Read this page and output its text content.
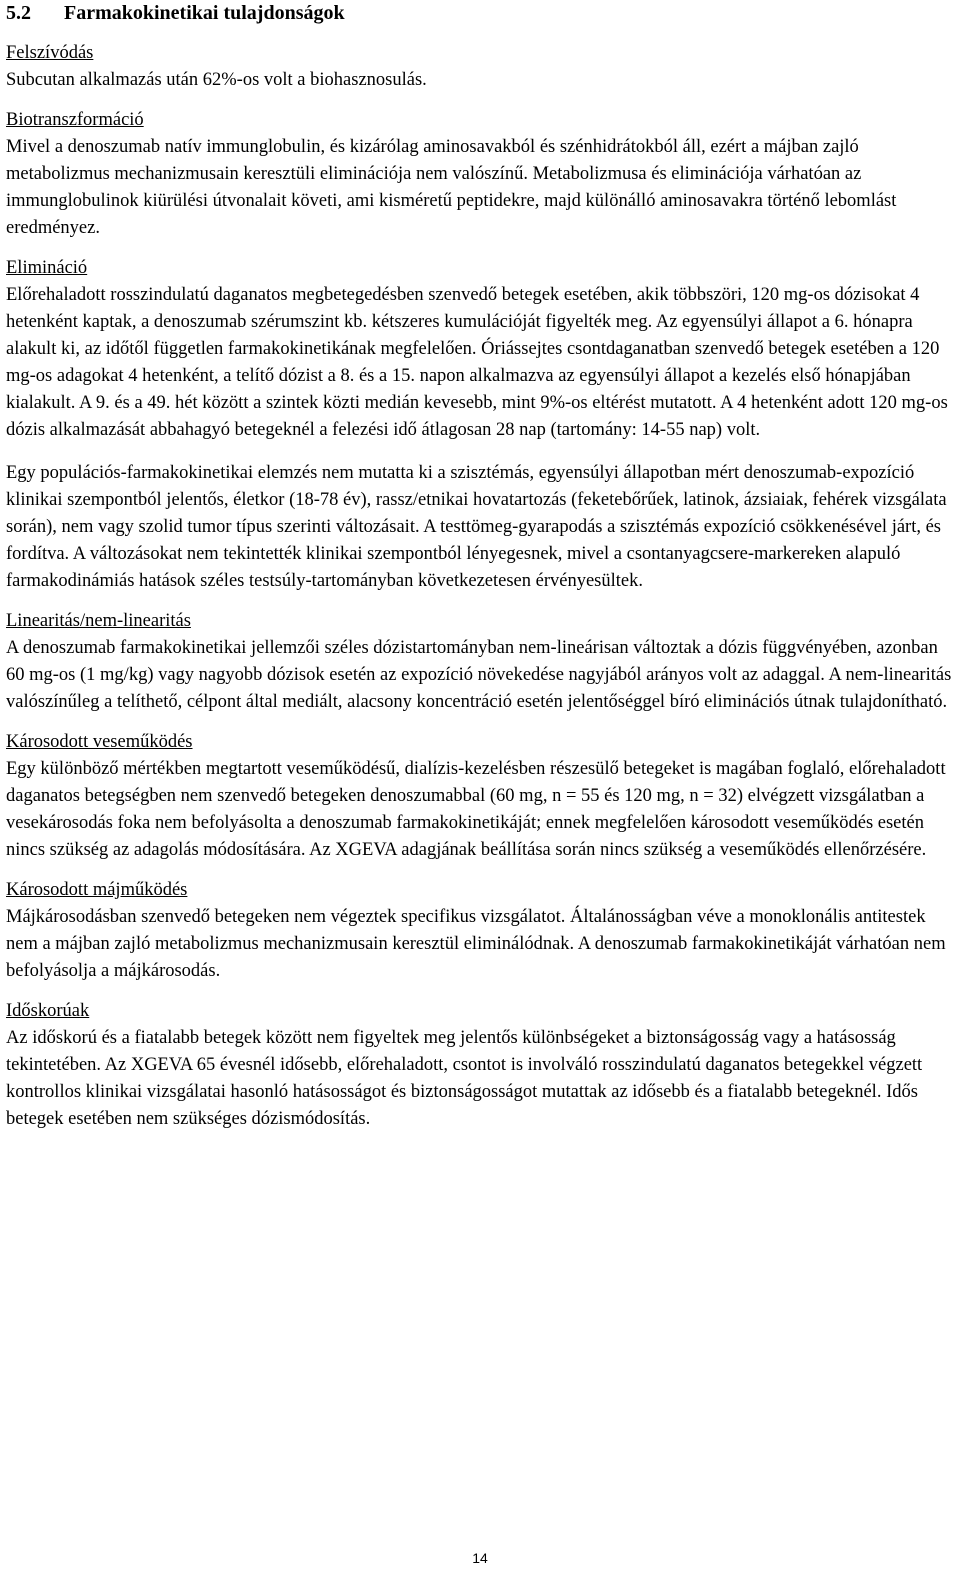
5.2	Farmakokinetikai tulajdonságok
Felszívódás

Subcutan alkalmazás után 62%-os volt a biohasznosulás.

Biotranszformáció

Mivel a denoszumab natív immunglobulin, és kizárólag aminosavakból és szénhidrátokból áll, ezért a májban zajló metabolizmus mechanizmusain keresztüli eliminációja nem valószínű. Metabolizmusa és eliminációja várhatóan az immunglobulinok kiürülési útvonalait követi, ami kisméretű peptidekre, majd különálló aminosavakra történő lebomlást eredményez.

Elimináció

Előrehaladott rosszindulatú daganatos megbetegedésben szenvedő betegek esetében, akik többszöri, 120 mg-os dózisokat 4 hetenként kaptak, a denoszumab szérumszint kb. kétszeres kumulációját figyelték meg. Az egyensúlyi állapot a 6. hónapra alakult ki, az időtől független farmakokinetikának megfelelően. Óriássejtes csontdaganatban szenvedő betegek esetében a 120 mg-os adagokat 4 hetenként, a telítő dózist a 8. és a 15. napon alkalmazva az egyensúlyi állapot a kezelés első hónapjában kialakult. A 9. és a 49. hét között a szintek közti medián kevesebb, mint 9%-os eltérést mutatott. A 4 hetenként adott 120 mg-os dózis alkalmazását abbahagyó betegeknél a felezési idő átlagosan 28 nap (tartomány: 14-55 nap) volt.

Egy populációs-farmakokinetikai elemzés nem mutatta ki a szisztémás, egyensúlyi állapotban mért denoszumab-expozíció klinikai szempontból jelentős, életkor (18-78 év), rassz/etnikai hovatartozás (feketebőrűek, latinok, ázsiaiak, fehérek vizsgálata során), nem vagy szolid tumor típus szerinti változásait. A testtömeg-gyarapodás a szisztémás expozíció csökkenésével járt, és fordítva. A változásokat nem tekintették klinikai szempontból lényegesnek, mivel a csontanyagcsere-markereken alapuló farmakodinámiás hatások széles testsúly-tartományban következetesen érvényesültek.

Linearitás/nem-linearitás

A denoszumab farmakokinetikai jellemzői széles dózistartományban nem-lineárisan változtak a dózis függvényében, azonban 60 mg-os (1 mg/kg) vagy nagyobb dózisok esetén az expozíció növekedése nagyjából arányos volt az adaggal. A nem-linearitás valószínűleg a telíthető, célpont által mediált, alacsony koncentráció esetén jelentőséggel bíró eliminációs útnak tulajdonítható.

Károsodott veseműködés

Egy különböző mértékben megtartott veseműködésű, dialízis-kezelésben részesülő betegeket is magában foglaló, előrehaladott daganatos betegségben nem szenvedő betegeken denoszumabbal (60 mg, n = 55 és 120 mg, n = 32) elvégzett vizsgálatban a vesekárosodás foka nem befolyásolta a denoszumab farmakokinetikáját; ennek megfelelően károsodott veseműködés esetén nincs szükség az adagolás módosítására. Az XGEVA adagjának beállítása során nincs szükség a veseműködés ellenőrzésére.

Károsodott májműködés

Májkárosodásban szenvedő betegeken nem végeztek specifikus vizsgálatot. Általánosságban véve a monoklonális antitestek nem a májban zajló metabolizmus mechanizmusain keresztül eliminálódnak. A denoszumab farmakokinetikáját várhatóan nem befolyásolja a májkárosodás.

Időskorúak

Az időskorú és a fiatalabb betegek között nem figyeltek meg jelentős különbségeket a biztonságosság vagy a hatásosság tekintetében. Az XGEVA 65 évesnél idősebb, előrehaladott, csontot is involváló rosszindulatú daganatos betegekkel végzett kontrollos klinikai vizsgálatai hasonló hatásosságot és biztonságosságot mutattak az idősebb és a fiatalabb betegeknél. Idős betegek esetében nem szükséges dózismódosítás.

14
